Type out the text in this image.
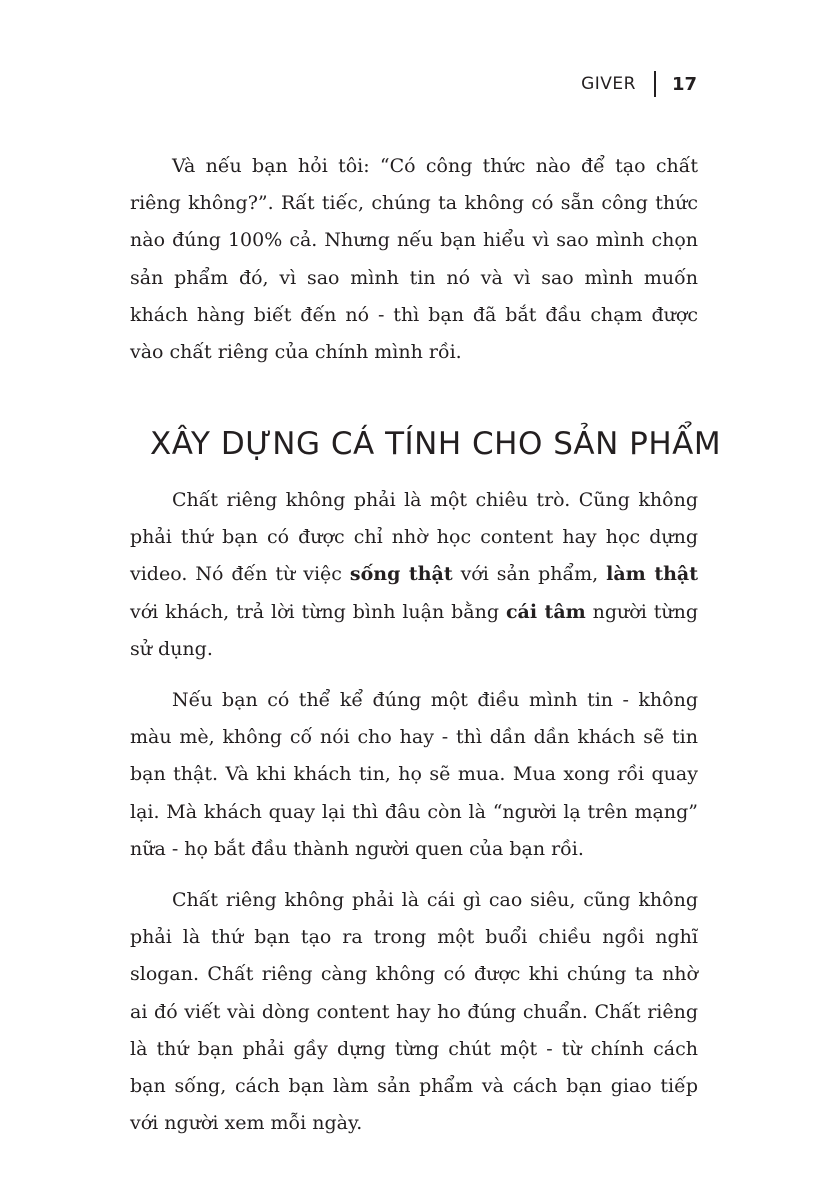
GIVER 17

Và nếu bạn hỏi tôi: “Có công thức nào để tạo chất riêng không?”. Rất tiếc, chúng ta không có sẵn công thức nào đúng 100% cả. Nhưng nếu bạn hiểu vì sao mình chọn sản phẩm đó, vì sao mình tin nó và vì sao mình muốn khách hàng biết đến nó - thì bạn đã bắt đầu chạm được vào chất riêng của chính mình rồi.

XÂY DỰNG CÁ TÍNH CHO SẢN PHẨM

Chất riêng không phải là một chiêu trò. Cũng không phải thứ bạn có được chỉ nhờ học content hay học dựng video. Nó đến từ việc sống thật với sản phẩm, làm thật với khách, trả lời từng bình luận bằng cái tâm người từng sử dụng.

Nếu bạn có thể kể đúng một điều mình tin - không màu mè, không cố nói cho hay - thì dần dần khách sẽ tin bạn thật. Và khi khách tin, họ sẽ mua. Mua xong rồi quay lại. Mà khách quay lại thì đâu còn là “người lạ trên mạng” nữa - họ bắt đầu thành người quen của bạn rồi.

Chất riêng không phải là cái gì cao siêu, cũng không phải là thứ bạn tạo ra trong một buổi chiều ngồi nghĩ slogan. Chất riêng càng không có được khi chúng ta nhờ ai đó viết vài dòng content hay ho đúng chuẩn. Chất riêng là thứ bạn phải gầy dựng từng chút một - từ chính cách bạn sống, cách bạn làm sản phẩm và cách bạn giao tiếp với người xem mỗi ngày.
